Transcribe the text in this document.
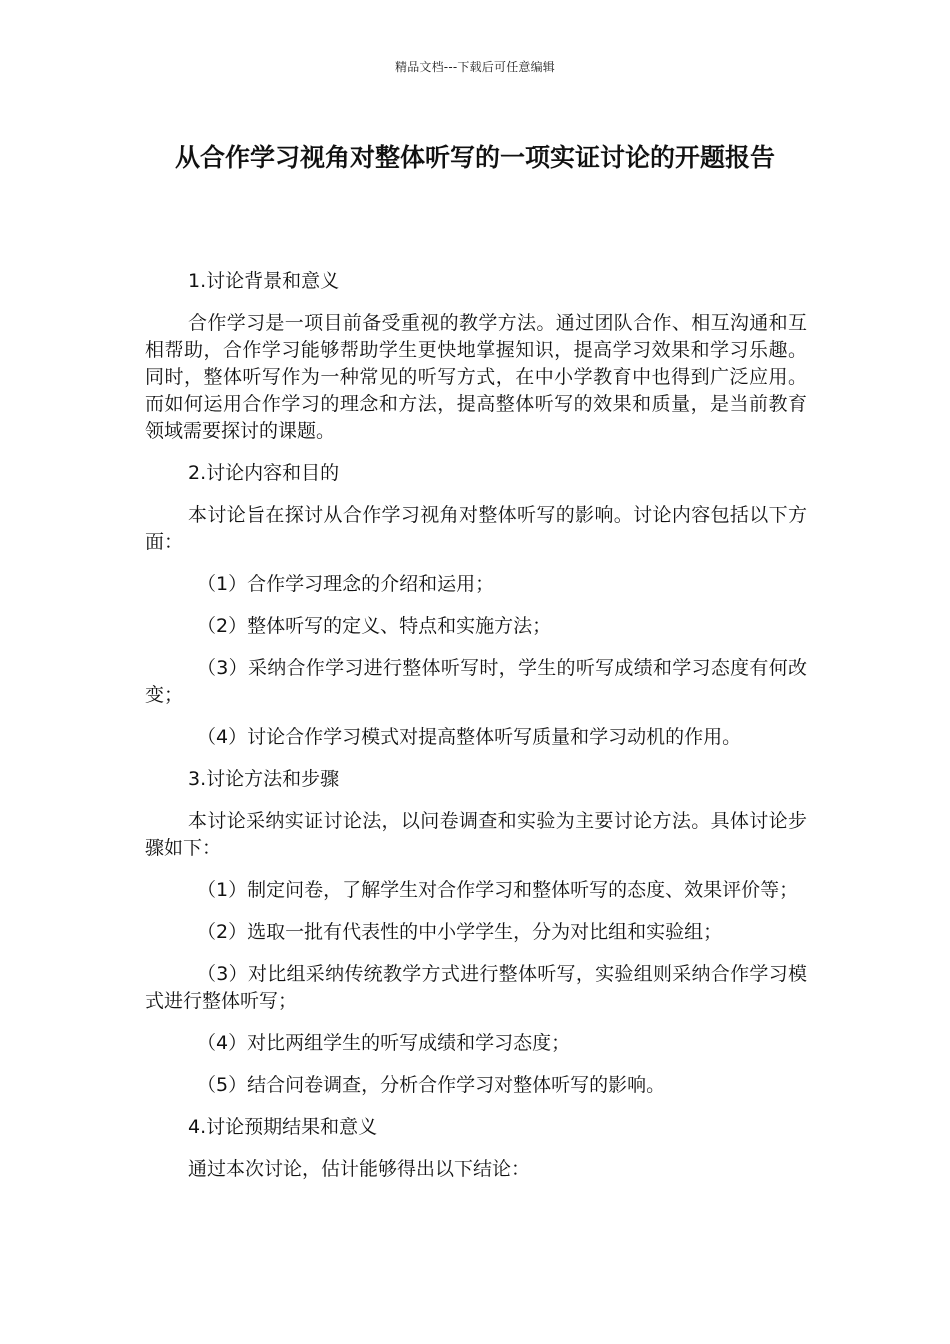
精品文档---下载后可任意编辑
从合作学习视角对整体听写的一项实证讨论的开题报告

1.讨论背景和意义

合作学习是一项目前备受重视的教学方法。通过团队合作、相互沟通和互相帮助，合作学习能够帮助学生更快地掌握知识，提高学习效果和学习乐趣。同时，整体听写作为一种常见的听写方式，在中小学教育中也得到广泛应用。而如何运用合作学习的理念和方法，提高整体听写的效果和质量，是当前教育领域需要探讨的课题。

2.讨论内容和目的

本讨论旨在探讨从合作学习视角对整体听写的影响。讨论内容包括以下方面：

（1）合作学习理念的介绍和运用；

（2）整体听写的定义、特点和实施方法；

（3）采纳合作学习进行整体听写时，学生的听写成绩和学习态度有何改变；

（4）讨论合作学习模式对提高整体听写质量和学习动机的作用。

3.讨论方法和步骤

本讨论采纳实证讨论法，以问卷调查和实验为主要讨论方法。具体讨论步骤如下：

（1）制定问卷，了解学生对合作学习和整体听写的态度、效果评价等；

（2）选取一批有代表性的中小学学生，分为对比组和实验组；

（3）对比组采纳传统教学方式进行整体听写，实验组则采纳合作学习模式进行整体听写；

（4）对比两组学生的听写成绩和学习态度；

（5）结合问卷调查，分析合作学习对整体听写的影响。

4.讨论预期结果和意义

通过本次讨论，估计能够得出以下结论：
